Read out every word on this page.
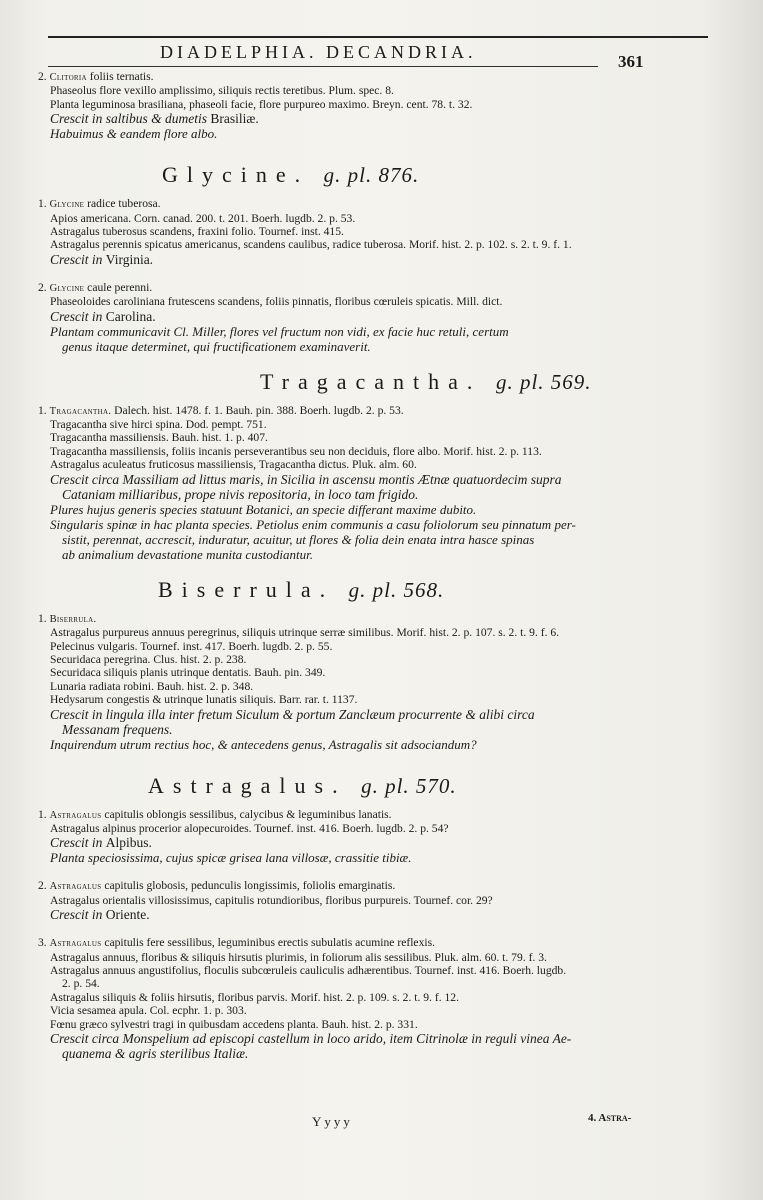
DIADELPHIA. DECANDRIA.	361

2. Clitoria foliis ternatis.

Phaseolus flore vexillo amplissimo, siliquis rectis teretibus. Plum. spec. 8.

Planta leguminosa brasiliana, phaseoli facie, flore purpureo maximo. Breyn. cent. 78. t. 32.

Crescit in saltibus & dumetis Brasiliæ.

Habuimus & eandem flore albo.

Glycine. g. pl. 876.

1. Glycine radice tuberosa.

Apios americana. Corn. canad. 200. t. 201. Boerh. lugdb. 2. p. 53.

Astragalus tuberosus scandens, fraxini folio. Tournef. inst. 415.

Astragalus perennis spicatus americanus, scandens caulibus, radice tuberosa. Morif. hist. 2. p. 102. s. 2. t. 9. f. 1.

Crescit in Virginia.

2. Glycine caule perenni.

Phaseoloides caroliniana frutescens scandens, foliis pinnatis, floribus cœruleis spicatis. Mill. dict.

Crescit in Carolina.

Plantam communicavit Cl. Miller, flores vel fructum non vidi, ex facie huc retuli, certum

genus itaque determinet, qui fructificationem examinaverit.

Tragacantha. g. pl. 569.

1. Tragacantha. Dalech. hist. 1478. f. 1. Bauh. pin. 388. Boerh. lugdb. 2. p. 53.

Tragacantha sive hirci spina. Dod. pempt. 751.

Tragacantha massiliensis. Bauh. hist. 1. p. 407.

Tragacantha massiliensis, foliis incanis perseverantibus seu non deciduis, flore albo. Morif. hist. 2. p. 113.

Astragalus aculeatus fruticosus massiliensis, Tragacantha dictus. Pluk. alm. 60.

Crescit circa Massiliam ad littus maris, in Sicilia in ascensu montis Ætnæ quatuordecim supra

Cataniam milliaribus, prope nivis repositoria, in loco tam frigido.

Plures hujus generis species statuunt Botanici, an specie differant maxime dubito.

Singularis spinæ in hac planta species. Petiolus enim communis a casu foliolorum seu pinnatum per-

sistit, perennat, accrescit, induratur, acuitur, ut flores & folia dein enata intra hasce spinas

ab animalium devastatione munita custodiantur.

Biserrula. g. pl. 568.

1. Biserrula.

Astragalus purpureus annuus peregrinus, siliquis utrinque serræ similibus. Morif. hist. 2. p. 107. s. 2. t. 9. f. 6.

Pelecinus vulgaris. Tournef. inst. 417. Boerh. lugdb. 2. p. 55.

Securidaca peregrina. Clus. hist. 2. p. 238.

Securidaca siliquis planis utrinque dentatis. Bauh. pin. 349.

Lunaria radiata robini. Bauh. hist. 2. p. 348.

Hedysarum congestis & utrinque lunatis siliquis. Barr. rar. t. 1137.

Crescit in lingula illa inter fretum Siculum & portum Zanclæum procurrente & alibi circa

Messanam frequens.

Inquirendum utrum rectius hoc, & antecedens genus, Astragalis sit adsociandum?

Astragalus. g. pl. 570.

1. Astragalus capitulis oblongis sessilibus, calycibus & leguminibus lanatis.

Astragalus alpinus procerior alopecuroides. Tournef. inst. 416. Boerh. lugdb. 2. p. 54?

Crescit in Alpibus.

Planta speciosissima, cujus spicæ grisea lana villosæ, crassitie tibiæ.

2. Astragalus capitulis globosis, pedunculis longissimis, foliolis emarginatis.

Astragalus orientalis villosissimus, capitulis rotundioribus, floribus purpureis. Tournef. cor. 29?

Crescit in Oriente.

3. Astragalus capitulis fere sessilibus, leguminibus erectis subulatis acumine reflexis.

Astragalus annuus, floribus & siliquis hirsutis plurimis, in foliorum alis sessilibus. Pluk. alm. 60. t. 79. f. 3.

Astragalus annuus angustifolius, floculis subcœruleis cauliculis adhærentibus. Tournef. inst. 416. Boerh. lugdb.

2. p. 54.

Astragalus siliquis & foliis hirsutis, floribus parvis. Morif. hist. 2. p. 109. s. 2. t. 9. f. 12.

Vicia sesamea apula. Col. ecphr. 1. p. 303.

Fœnu græco sylvestri tragi in quibusdam accedens planta. Bauh. hist. 2. p. 331.

Crescit circa Monspelium ad episcopi castellum in loco arido, item Citrinolæ in reguli vinea Ae-

quanema & agris sterilibus Italiæ.

Yyyy	4. Astra-
